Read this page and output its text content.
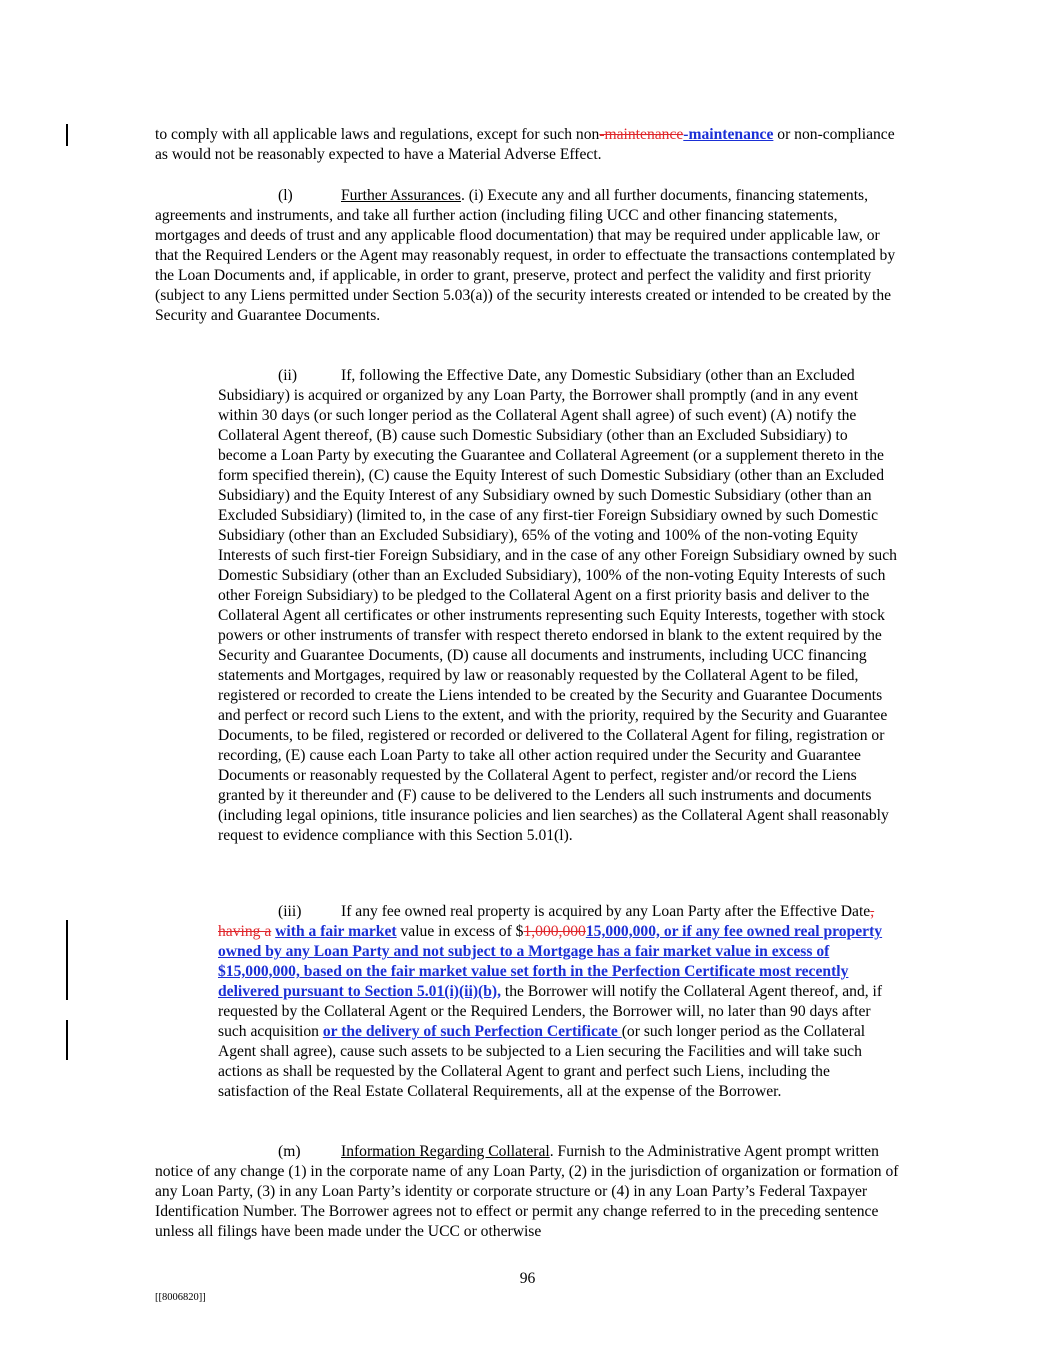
to comply with all applicable laws and regulations, except for such non-maintenance-maintenance or non-compliance as would not be reasonably expected to have a Material Adverse Effect.

(l)	Further Assurances. (i) Execute any and all further documents, financing statements, agreements and instruments, and take all further action (including filing UCC and other financing statements, mortgages and deeds of trust and any applicable flood documentation) that may be required under applicable law, or that the Required Lenders or the Agent may reasonably request, in order to effectuate the transactions contemplated by the Loan Documents and, if applicable, in order to grant, preserve, protect and perfect the validity and first priority (subject to any Liens permitted under Section 5.03(a)) of the security interests created or intended to be created by the Security and Guarantee Documents.

(ii)	If, following the Effective Date, any Domestic Subsidiary (other than an Excluded Subsidiary) is acquired or organized by any Loan Party, the Borrower shall promptly (and in any event within 30 days (or such longer period as the Collateral Agent shall agree) of such event) (A) notify the Collateral Agent thereof, (B) cause such Domestic Subsidiary (other than an Excluded Subsidiary) to become a Loan Party by executing the Guarantee and Collateral Agreement (or a supplement thereto in the form specified therein), (C) cause the Equity Interest of such Domestic Subsidiary (other than an Excluded Subsidiary) and the Equity Interest of any Subsidiary owned by such Domestic Subsidiary (other than an Excluded Subsidiary) (limited to, in the case of any first-tier Foreign Subsidiary owned by such Domestic Subsidiary (other than an Excluded Subsidiary), 65% of the voting and 100% of the non-voting Equity Interests of such first-tier Foreign Subsidiary, and in the case of any other Foreign Subsidiary owned by such Domestic Subsidiary (other than an Excluded Subsidiary), 100% of the non-voting Equity Interests of such other Foreign Subsidiary) to be pledged to the Collateral Agent on a first priority basis and deliver to the Collateral Agent all certificates or other instruments representing such Equity Interests, together with stock powers or other instruments of transfer with respect thereto endorsed in blank to the extent required by the Security and Guarantee Documents, (D) cause all documents and instruments, including UCC financing statements and Mortgages, required by law or reasonably requested by the Collateral Agent to be filed, registered or recorded to create the Liens intended to be created by the Security and Guarantee Documents and perfect or record such Liens to the extent, and with the priority, required by the Security and Guarantee Documents, to be filed, registered or recorded or delivered to the Collateral Agent for filing, registration or recording, (E) cause each Loan Party to take all other action required under the Security and Guarantee Documents or reasonably requested by the Collateral Agent to perfect, register and/or record the Liens granted by it thereunder and (F) cause to be delivered to the Lenders all such instruments and documents (including legal opinions, title insurance policies and lien searches) as the Collateral Agent shall reasonably request to evidence compliance with this Section 5.01(l).

(iii)	If any fee owned real property is acquired by any Loan Party after the Effective Date, having a with a fair market value in excess of $1,000,00015,000,000, or if any fee owned real property owned by any Loan Party and not subject to a Mortgage has a fair market value in excess of $15,000,000, based on the fair market value set forth in the Perfection Certificate most recently delivered pursuant to Section 5.01(i)(ii)(b), the Borrower will notify the Collateral Agent thereof, and, if requested by the Collateral Agent or the Required Lenders, the Borrower will, no later than 90 days after such acquisition or the delivery of such Perfection Certificate (or such longer period as the Collateral Agent shall agree), cause such assets to be subjected to a Lien securing the Facilities and will take such actions as shall be requested by the Collateral Agent to grant and perfect such Liens, including the satisfaction of the Real Estate Collateral Requirements, all at the expense of the Borrower.

(m)	Information Regarding Collateral. Furnish to the Administrative Agent prompt written notice of any change (1) in the corporate name of any Loan Party, (2) in the jurisdiction of organization or formation of any Loan Party, (3) in any Loan Party’s identity or corporate structure or (4) in any Loan Party’s Federal Taxpayer Identification Number. The Borrower agrees not to effect or permit any change referred to in the preceding sentence unless all filings have been made under the UCC or otherwise

96
[[8006820]]
